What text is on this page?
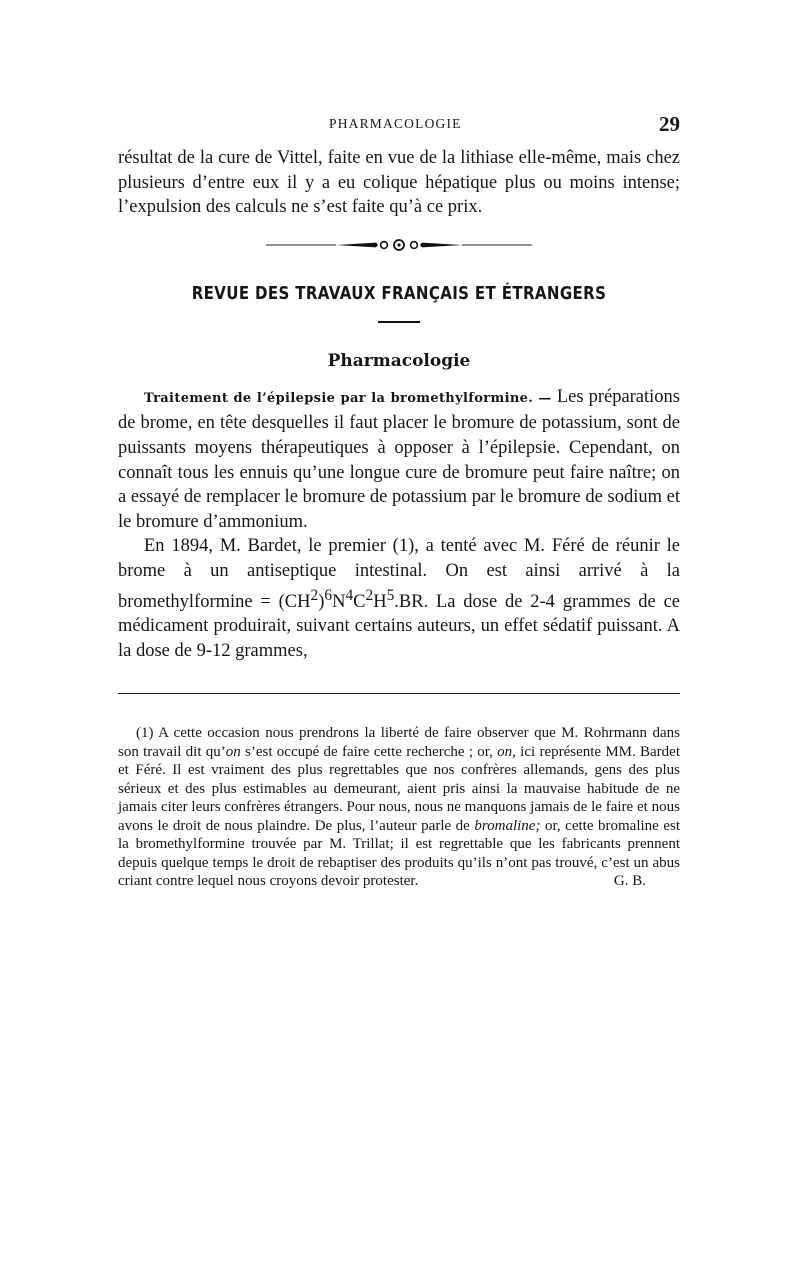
PHARMACOLOGIE	29

résultat de la cure de Vittel, faite en vue de la lithiase elle-même, mais chez plusieurs d’entre eux il y a eu colique hépatique plus ou moins intense; l’expulsion des calculs ne s’est faite qu’à ce prix.

REVUE DES TRAVAUX FRANÇAIS ET ÉTRANGERS
Pharmacologie

Traitement de l’épilepsie par la bromethylformine. — Les préparations de brome, en tête desquelles il faut placer le bromure de potassium, sont de puissants moyens thérapeutiques à opposer à l’épilepsie. Cependant, on connaît tous les ennuis qu’une longue cure de bromure peut faire naître; on a essayé de remplacer le bromure de potassium par le bromure de sodium et le bromure d’ammonium.

En 1894, M. Bardet, le premier (1), a tenté avec M. Féré de réunir le brome à un antiseptique intestinal. On est ainsi arrivé à la bromethylformine = $(CH^2)^6N^4C^2H^5.BR$. La dose de 2-4 grammes de ce médicament produirait, suivant certains auteurs, un effet sédatif puissant. A la dose de 9-12 grammes,

(1) A cette occasion nous prendrons la liberté de faire observer que M. Rohrmann dans son travail dit qu’on s’est occupé de faire cette recherche ; or, on, ici représente MM. Bardet et Féré. Il est vraiment des plus regrettables que nos confrères allemands, gens des plus sérieux et des plus estimables au demeurant, aient pris ainsi la mauvaise habitude de ne jamais citer leurs confrères étrangers. Pour nous, nous ne manquons jamais de le faire et nous avons le droit de nous plaindre. De plus, l’auteur parle de bromaline; or, cette bromaline est la bromethylformine trouvée par M. Trillat; il est regrettable que les fabricants prennent depuis quelque temps le droit de rebaptiser des produits qu’ils n’ont pas trouvé, c’est un abus criant contre lequel nous croyons devoir protester.	G. B.
